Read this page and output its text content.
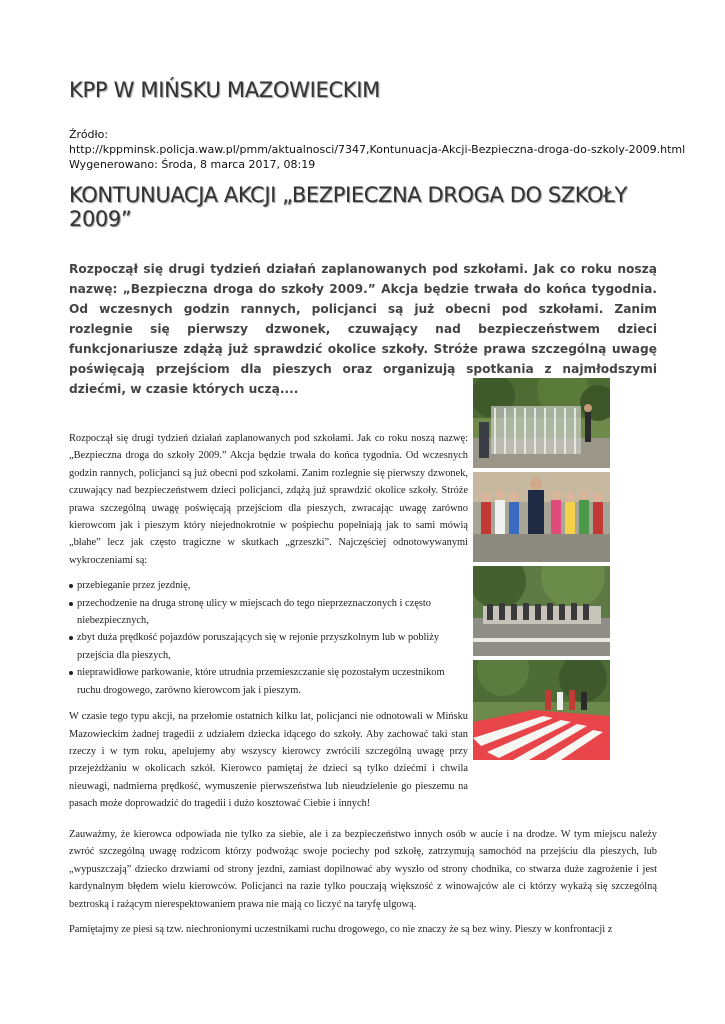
KPP W MIŃSKU MAZOWIECKIM
Źródło:
http://kppminsk.policja.waw.pl/pmm/aktualnosci/7347,Kontunuacja-Akcji-Bezpieczna-droga-do-szkoly-2009.html
Wygenerowano: Środa, 8 marca 2017, 08:19
KONTUNUACJA AKCJI „BEZPIECZNA DROGA DO SZKOŁY 2009”

Rozpoczął się drugi tydzień działań zaplanowanych pod szkołami. Jak co roku noszą nazwę: „Bezpieczna droga do szkoły 2009.” Akcja będzie trwała do końca tygodnia. Od wczesnych godzin rannych, policjanci są już obecni pod szkołami. Zanim rozlegnie się pierwszy dzwonek, czuwający nad bezpieczeństwem dzieci funkcjonariusze zdążą już sprawdzić okolice szkoły. Stróże prawa szczególną uwagę poświęcają przejściom dla pieszych oraz organizują spotkania z najmłodszymi dziećmi, w czasie których uczą....

Rozpoczął się drugi tydzień działań zaplanowanych pod szkołami. Jak co roku noszą nazwę: „Bezpieczna droga do szkoły 2009.” Akcja będzie trwała do końca tygodnia. Od wczesnych godzin rannych, policjanci są już obecni pod szkołami. Zanim rozlegnie się pierwszy dzwonek, czuwający nad bezpieczeństwem dzieci policjanci, zdążą już sprawdzić okolice szkoły. Stróże prawa szczególną uwagę poświęcają przejściom dla pieszych, zwracając uwagę zarówno kierowcom jak i pieszym który niejednokrotnie w pośpiechu popełniają jak to sami mówią „błahe” lecz jak często tragiczne w skutkach „grzeszki”. Najczęściej odnotowywanymi wykroczeniami są:

przebieganie przez jezdnię,
przechodzenie na druga stronę ulicy w miejscach do tego nieprzeznaczonych i często niebezpiecznych,
zbyt duża prędkość pojazdów poruszających się w rejonie przyszkolnym lub w pobliży przejścia dla pieszych,
nieprawidłowe parkowanie, które utrudnia przemieszczanie się pozostałym uczestnikom ruchu drogowego, zarówno kierowcom jak i pieszym.

W czasie tego typu akcji, na przełomie ostatnich kilku lat, policjanci nie odnotowali w Mińsku Mazowieckim żadnej tragedii z udziałem dziecka idącego do szkoły. Aby zachować taki stan rzeczy i w tym roku, apelujemy aby wszyscy kierowcy zwrócili szczególną uwagę przy przejeżdżaniu w okolicach szkół. Kierowco pamiętaj że dzieci są tylko dziećmi i chwila nieuwagi, nadmierna prędkość, wymuszenie pierwszeństwa lub nieudzielenie go pieszemu na pasach może doprowadzić do tragedii i dużo kosztować Ciebie i innych!

Zauważmy, że kierowca odpowiada nie tylko za siebie, ale i za bezpieczeństwo innych osób w aucie i na drodze. W tym miejscu należy zwróć szczególną uwagę rodzicom którzy podwożąc swoje pociechy pod szkołę, zatrzymują samochód na przejściu dla pieszych, lub „wypuszczają” dziecko drzwiami od strony jezdni, zamiast dopilnować aby wyszło od strony chodnika, co stwarza duże zagrożenie i jest kardynalnym błędem wielu kierowców. Policjanci na razie tylko pouczają większość z winowajców ale ci którzy wykażą się szczególną beztroską i rażącym nierespektowaniem prawa nie mają co liczyć na taryfę ulgową.

Pamiętajmy ze piesi są tzw. niechronionymi uczestnikami ruchu drogowego, co nie znaczy że są bez winy. Pieszy w konfrontacji z
